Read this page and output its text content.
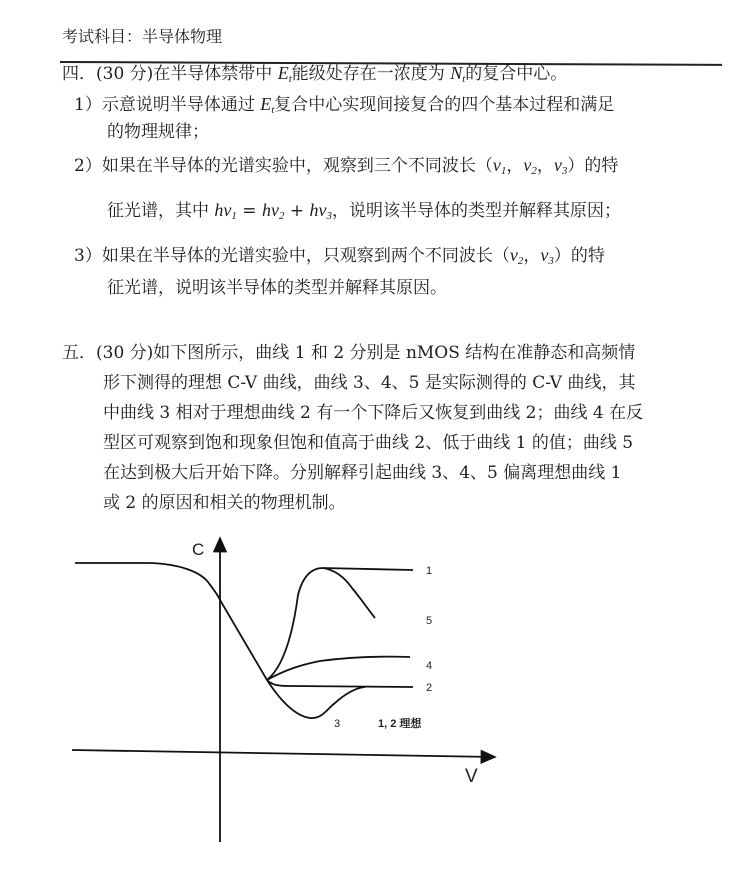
考试科目：半导体物理
四．(30 分)在半导体禁带中 $E_t$能级处存在一浓度为 $N_t$的复合中心。
1）示意说明半导体通过 $E_t$复合中心实现间接复合的四个基本过程和满足
的物理规律；
2）如果在半导体的光谱实验中，观察到三个不同波长（$\nu_1$，$\nu_2$，$\nu_3$）的特
征光谱，其中 $h\nu_1 = h\nu_2 + h\nu_3$，说明该半导体的类型并解释其原因；
3）如果在半导体的光谱实验中，只观察到两个不同波长（$\nu_2$，$\nu_3$）的特
征光谱，说明该半导体的类型并解释其原因。
五．(30 分)如下图所示，曲线 1 和 2 分别是 nMOS 结构在准静态和高频情
形下测得的理想 C-V 曲线，曲线 3、4、5 是实际测得的 C-V 曲线，其
中曲线 3 相对于理想曲线 2 有一个下降后又恢复到曲线 2；曲线 4 在反
型区可观察到饱和现象但饱和值高于曲线 2、低于曲线 1 的值；曲线 5
在达到极大后开始下降。分别解释引起曲线 3、4、5 偏离理想曲线 1
或 2 的原因和相关的物理机制。
C
V
1
5
4
2
3	1, 2 理想
